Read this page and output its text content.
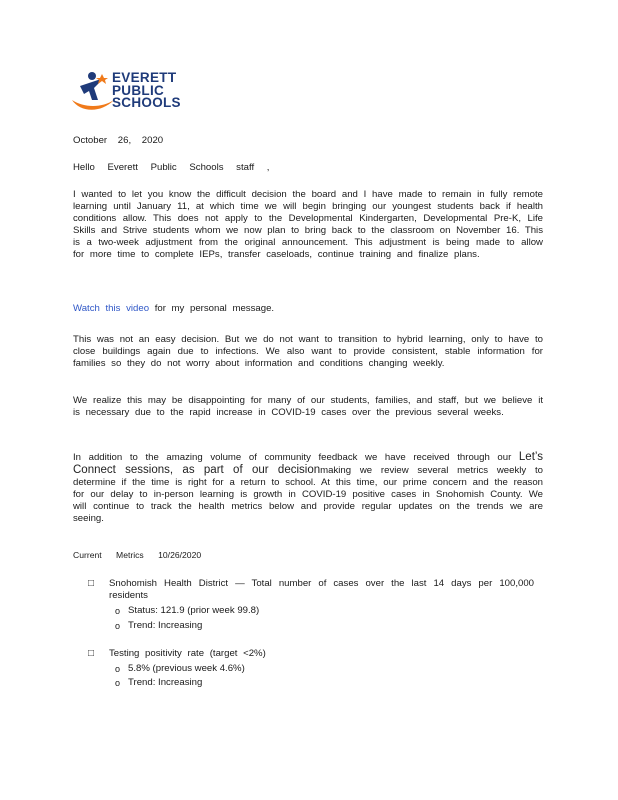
EVERETT
PUBLIC
SCHOOLS
October 26, 2020
Hello Everett Public Schools staff ,
I wanted to let you know the difficult decision the board and I have made to remain in fully remote learning until January 11, at which time we will begin bringing our youngest students back if health conditions allow. This does not apply to the Developmental Kindergarten, Developmental Pre-K, Life Skills and Strive students whom we now plan to bring back to the classroom on November 16. This is a two-week adjustment from the original announcement. This adjustment is being made to allow for more time to complete IEPs, transfer caseloads, continue training and finalize plans.
Watch this video for my personal message.
This was not an easy decision. But we do not want to transition to hybrid learning, only to have to close buildings again due to infections. We also want to provide consistent, stable information for families so they do not worry about information and conditions changing weekly.
We realize this may be disappointing for many of our students, families, and staff, but we believe it is necessary due to the rapid increase in COVID-19 cases over the previous several weeks.
In addition to the amazing volume of community feedback we have received through our Let’s Connect sessions, as part of our decisionmaking we review several metrics weekly to determine if the time is right for a return to school. At this time, our prime concern and the reason for our delay to in-person learning is growth in COVID-19 positive cases in Snohomish County. We will continue to track the health metrics below and provide regular updates on the trends we are seeing.
Current Metrics 10/26/2020
□ Snohomish Health District — Total number of cases over the last 14 days per 100,000 residents
o Status: 121.9 (prior week 99.8)
o Trend: Increasing
□ Testing positivity rate (target <2%)
o 5.8% (previous week 4.6%)
o Trend: Increasing
